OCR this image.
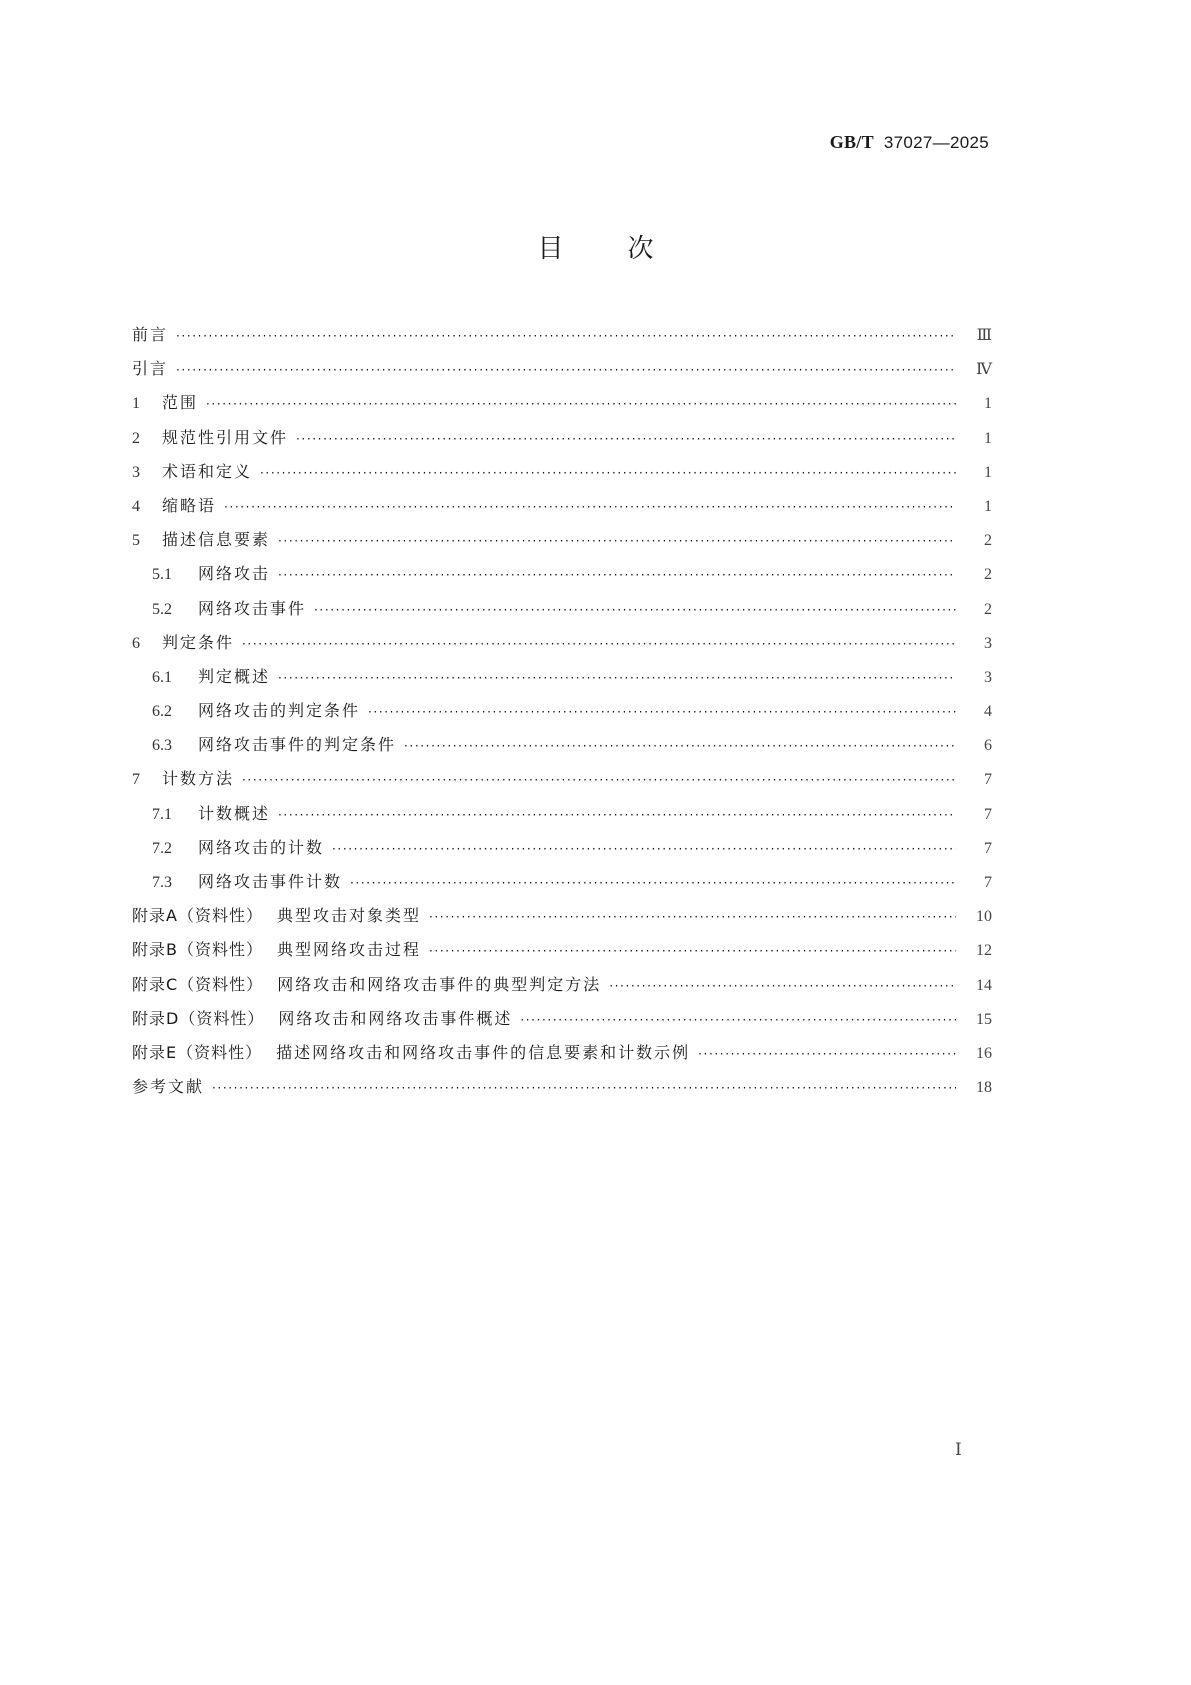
GB/T 37027—2025
目次
前言 ·····	Ⅲ
引言 ·····	Ⅳ
1	范围 ·····	1
2	规范性引用文件 ·····	1
3	术语和定义 ·····	1
4	缩略语 ·····	1
5	描述信息要素 ·····	2
5.1	网络攻击 ·····	2
5.2	网络攻击事件 ·····	2
6	判定条件 ·····	3
6.1	判定概述 ·····	3
6.2	网络攻击的判定条件 ·····	4
6.3	网络攻击事件的判定条件 ·····	6
7	计数方法 ·····	7
7.1	计数概述 ·····	7
7.2	网络攻击的计数 ·····	7
7.3	网络攻击事件计数 ·····	7
附录A（资料性） 典型攻击对象类型 ·····	10
附录B（资料性） 典型网络攻击过程 ·····	12
附录C（资料性） 网络攻击和网络攻击事件的典型判定方法 ·····	14
附录D（资料性） 网络攻击和网络攻击事件概述 ·····	15
附录E（资料性） 描述网络攻击和网络攻击事件的信息要素和计数示例 ·····	16
参考文献 ·····	18
Ⅰ
